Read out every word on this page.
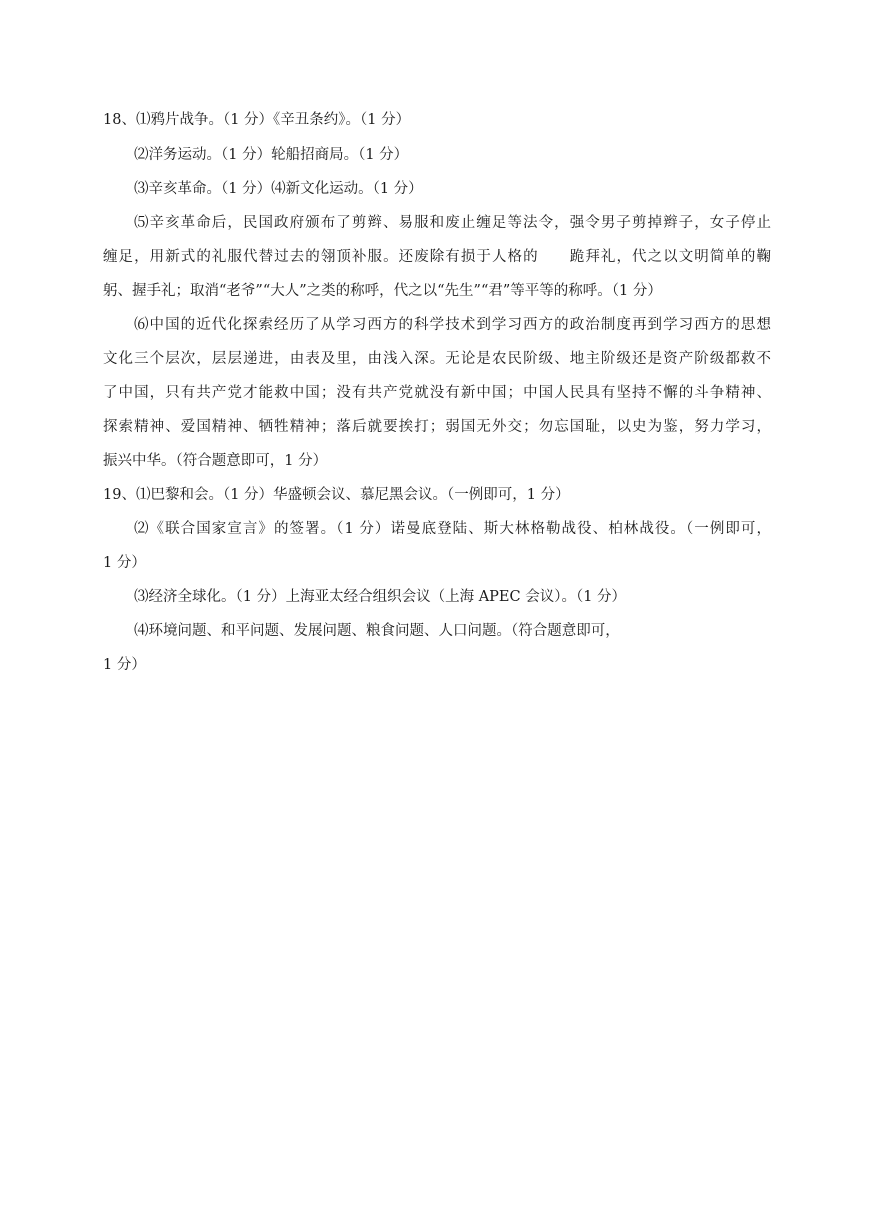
18、⑴鸦片战争。（1 分）《辛丑条约》。（1 分）
⑵洋务运动。（1 分）轮船招商局。（1 分）
⑶辛亥革命。（1 分）⑷新文化运动。（1 分）
⑸辛亥革命后，民国政府颁布了剪辫、易服和废止缠足等法令，强令男子剪掉辫子，女子停止
缠足，用新式的礼服代替过去的翎顶补服。还废除有损于人格的　　跪拜礼，代之以文明简单的鞠
躬、握手礼；取消“老爷”“大人”之类的称呼，代之以“先生”“君”等平等的称呼。（1 分）
⑹中国的近代化探索经历了从学习西方的科学技术到学习西方的政治制度再到学习西方的思想
文化三个层次，层层递进，由表及里，由浅入深。无论是农民阶级、地主阶级还是资产阶级都救不
了中国，只有共产党才能救中国；没有共产党就没有新中国；中国人民具有坚持不懈的斗争精神、
探索精神、爱国精神、牺牲精神；落后就要挨打；弱国无外交；勿忘国耻，以史为鉴，努力学习，
振兴中华。（符合题意即可，1 分）
19、⑴巴黎和会。（1 分）华盛顿会议、慕尼黑会议。（一例即可，1 分）
⑵《联合国家宣言》的签署。（1 分）诺曼底登陆、斯大林格勒战役、柏林战役。（一例即可，
1 分）
⑶经济全球化。（1 分）上海亚太经合组织会议（上海 APEC 会议）。（1 分）
⑷环境问题、和平问题、发展问题、粮食问题、人口问题。（符合题意即可，
1 分）
